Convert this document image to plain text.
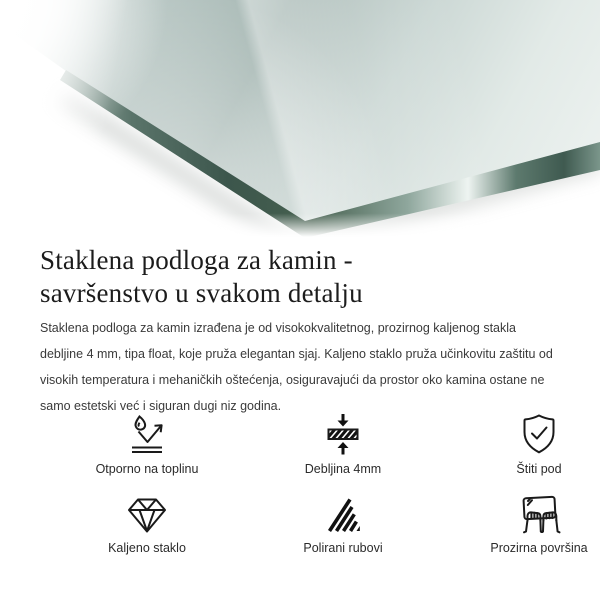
Staklena podloga za kamin -
savršenstvo u svakom detalju

Staklena podloga za kamin izrađena je od visokokvalitetnog, prozirnog kaljenog stakla debljine 4 mm, tipa float, koje pruža elegantan sjaj. Kaljeno staklo pruža učinkovitu zaštitu od visokih temperatura i mehaničkih oštećenja, osiguravajući da prostor oko kamina ostane ne samo estetski već i siguran dugi niz godina.

Otporno na toplinu	Debljina 4mm	Štiti pod
Kaljeno staklo	Polirani rubovi	Prozirna površina
